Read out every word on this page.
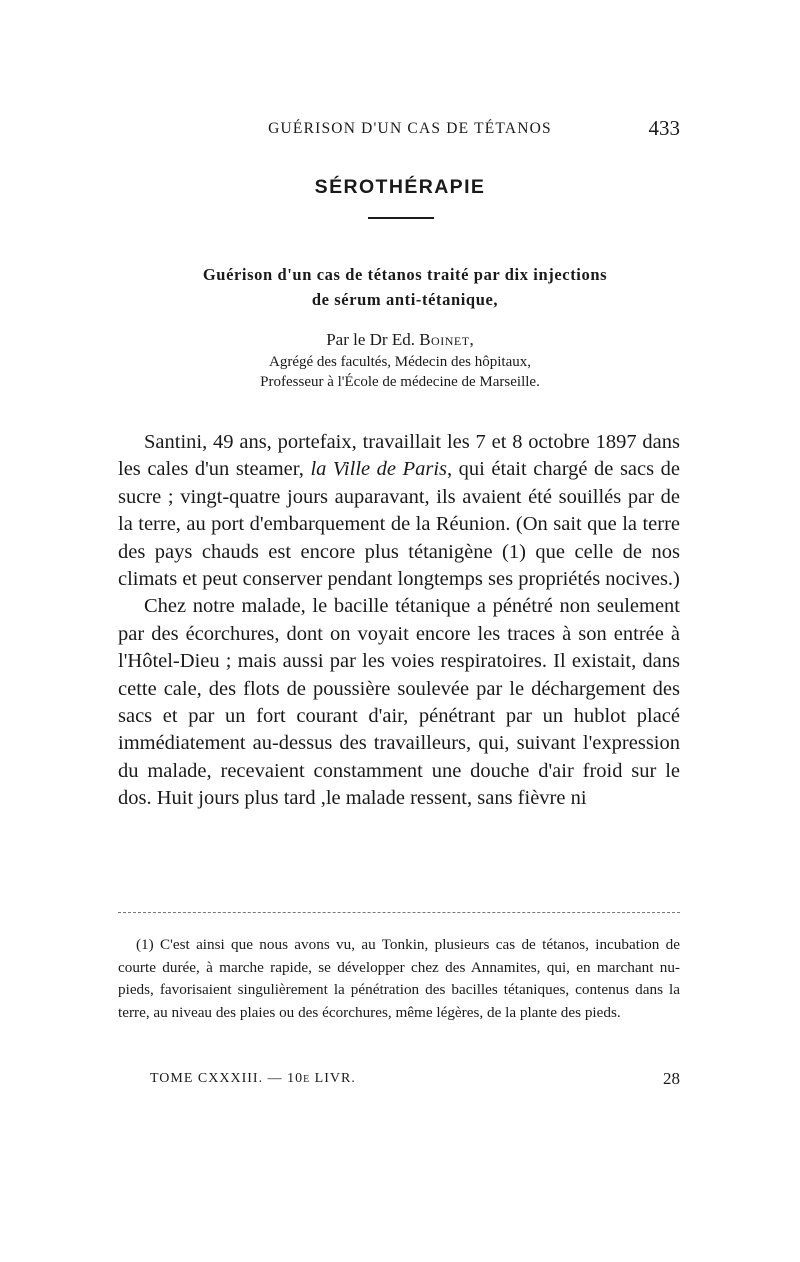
GUÉRISON D'UN CAS DE TÉTANOS	433
SÉROTHÉRAPIE
Guérison d'un cas de tétanos traité par dix injections
de sérum anti-tétanique,
Par le Dr Ed. Boinet,
Agrégé des facultés, Médecin des hôpitaux,
Professeur à l'École de médecine de Marseille.

Santini, 49 ans, portefaix, travaillait les 7 et 8 octobre 1897 dans les cales d'un steamer, la Ville de Paris, qui était chargé de sacs de sucre ; vingt-quatre jours auparavant, ils avaient été souillés par de la terre, au port d'embarquement de la Réunion. (On sait que la terre des pays chauds est encore plus tétanigène (1) que celle de nos climats et peut conserver pendant longtemps ses propriétés nocives.)

Chez notre malade, le bacille tétanique a pénétré non seulement par des écorchures, dont on voyait encore les traces à son entrée à l'Hôtel-Dieu ; mais aussi par les voies respiratoires. Il existait, dans cette cale, des flots de poussière soulevée par le déchargement des sacs et par un fort courant d'air, pénétrant par un hublot placé immédiatement au-dessus des travailleurs, qui, suivant l'expression du malade, recevaient constamment une douche d'air froid sur le dos. Huit jours plus tard ,le malade ressent, sans fièvre ni

(1) C'est ainsi que nous avons vu, au Tonkin, plusieurs cas de tétanos, incubation de courte durée, à marche rapide, se développer chez des Annamites, qui, en marchant nu-pieds, favorisaient singulièrement la pénétration des bacilles tétaniques, contenus dans la terre, au niveau des plaies ou des écorchures, même légères, de la plante des pieds.

TOME CXXXIII. — 10e LIVR.	28
